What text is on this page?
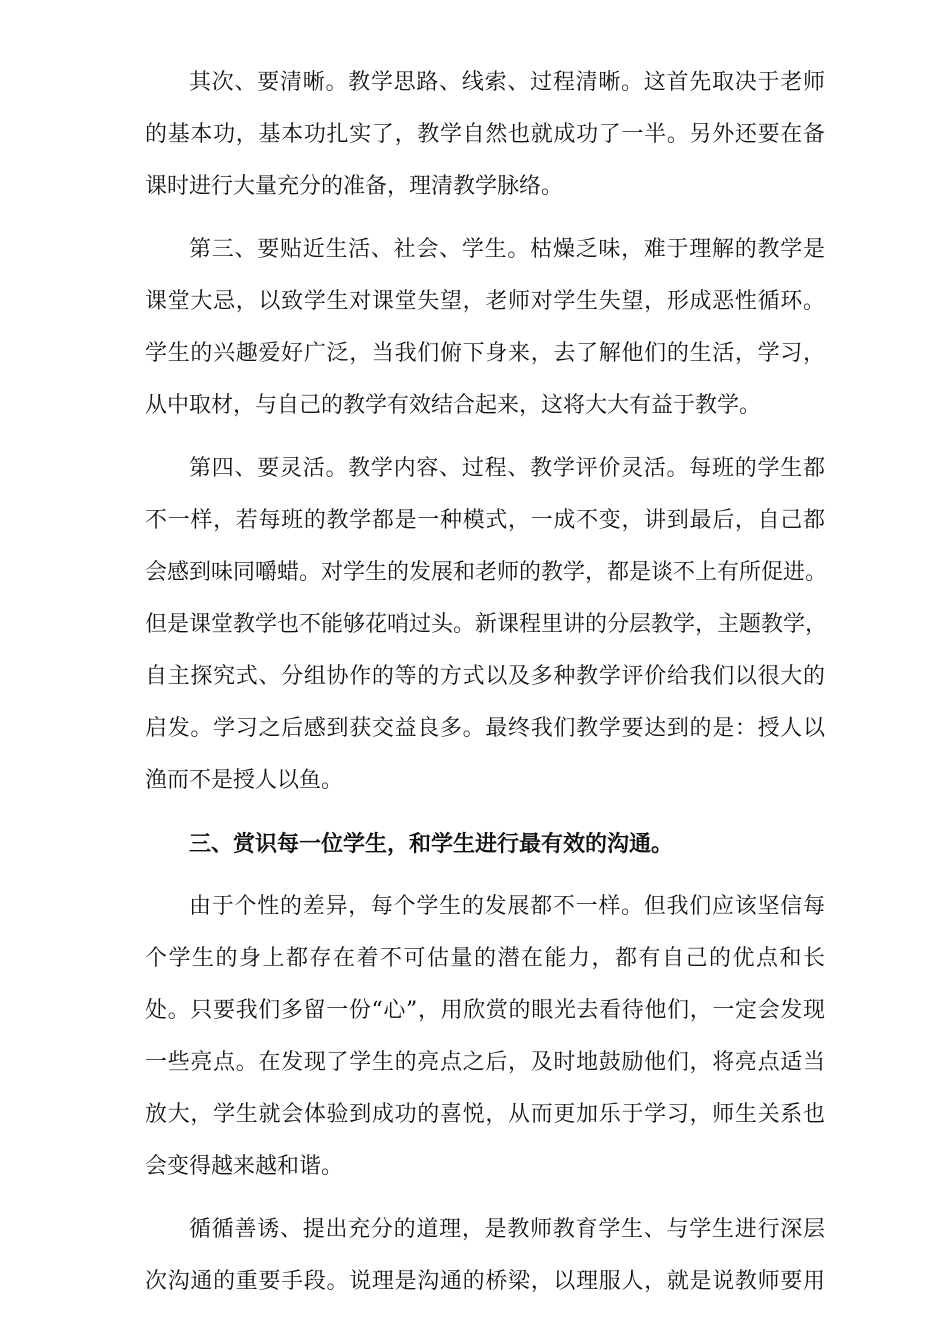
其次、要清晰。教学思路、线索、过程清晰。这首先取决于老师
的基本功，基本功扎实了，教学自然也就成功了一半。另外还要在备
课时进行大量充分的准备，理清教学脉络。
第三、要贴近生活、社会、学生。枯燥乏味，难于理解的教学是
课堂大忌，以致学生对课堂失望，老师对学生失望，形成恶性循环。
学生的兴趣爱好广泛，当我们俯下身来，去了解他们的生活，学习，
从中取材，与自己的教学有效结合起来，这将大大有益于教学。
第四、要灵活。教学内容、过程、教学评价灵活。每班的学生都
不一样，若每班的教学都是一种模式，一成不变，讲到最后，自己都
会感到味同嚼蜡。对学生的发展和老师的教学，都是谈不上有所促进。
但是课堂教学也不能够花哨过头。新课程里讲的分层教学，主题教学，
自主探究式、分组协作的等的方式以及多种教学评价给我们以很大的
启发。学习之后感到获交益良多。最终我们教学要达到的是：授人以
渔而不是授人以鱼。
三、赏识每一位学生，和学生进行最有效的沟通。
由于个性的差异，每个学生的发展都不一样。但我们应该坚信每
个学生的身上都存在着不可估量的潜在能力，都有自己的优点和长
处。只要我们多留一份“心”，用欣赏的眼光去看待他们，一定会发现
一些亮点。在发现了学生的亮点之后，及时地鼓励他们，将亮点适当
放大，学生就会体验到成功的喜悦，从而更加乐于学习，师生关系也
会变得越来越和谐。
循循善诱、提出充分的道理，是教师教育学生、与学生进行深层
次沟通的重要手段。说理是沟通的桥梁，以理服人，就是说教师要用
